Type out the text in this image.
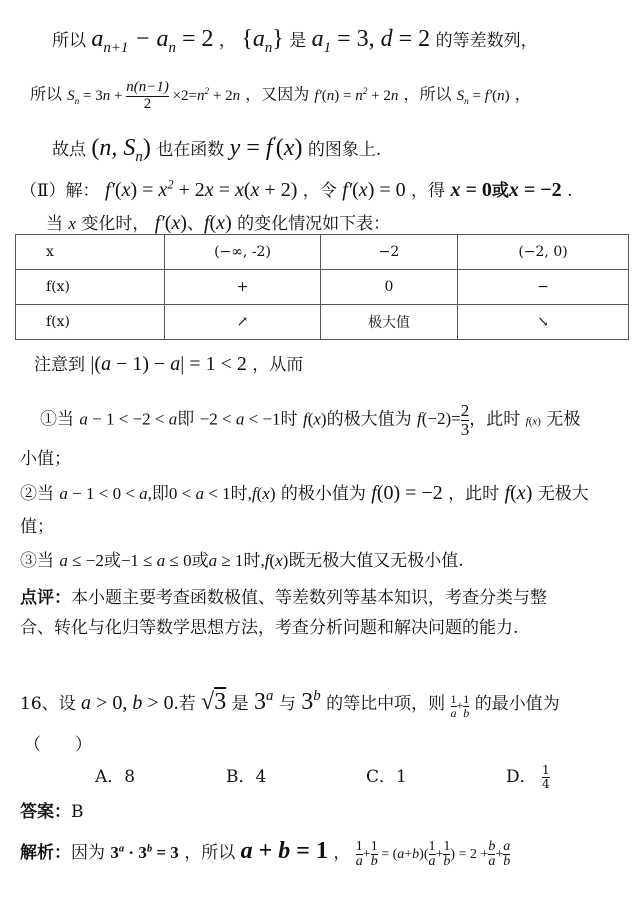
所以 $a_{n+1} - a_n = 2$ ， $\{a_n\}$ 是 $a_1 = 3$, d = 2 的等差数列，
所以 $S_n = 3n + \frac{n(n-1)}{2} \times 2=n^2 + 2n$ ，又因为 $f'(n) = n^2 + 2n$ ，所以 $S_n = f'(n)$ ，
故点 (n, $S_n$) 也在函数 y = f′(x) 的图象上.
（Ⅱ）解： $f'(x) = x^2 + 2x = x(x + 2)$ ，令 f′(x) = 0 ，得 x = 0或x = −2 .
当 x 变化时， f′(x)、f(x) 的变化情况如下表：
x	(−∞, -2)	−2	(−2, 0)
f(x)	+	0	−
f(x)	↗	极大值	↘
注意到 |(a − 1) − a| = 1 < 2 ，从而
①当 a − 1 < −2 < a即 −2 < a < −1时 f(x)的极大值为 $f(-2)= \frac{2}{3}$ ，此时 f(x) 无极
小值；
②当 a − 1 < 0 < a,即0 < a < 1时,f(x) 的极小值为 f(0) = −2 ，此时 f(x) 无极大
值；
③当 a ≤ −2或−1 ≤ a ≤ 0或a ≥ 1时,f(x)既无极大值又无极小值.
点评：本小题主要考查函数极值、等差数列等基本知识，考查分类与整
合、转化与化归等数学思想方法，考查分析问题和解决问题的能力.
16、设 a > 0, b > 0.若 √3 是 3$^a$ 与 3$^b$ 的等比中项，则 $\frac{1}{a} + \frac{1}{b}$ 的最小值为
（　　）
A．8	B．4	C．1	D． $\frac{1}{4}$
答案：B
解析：因为 $3^a \cdot 3^b = 3$ ，所以 a + b = 1 ， $\frac{1}{a} + \frac{1}{b} = (a+b)( \frac{1}{a} + \frac{1}{b}$ ) = $2 + \frac{b}{a} + \frac{a}{b}$
